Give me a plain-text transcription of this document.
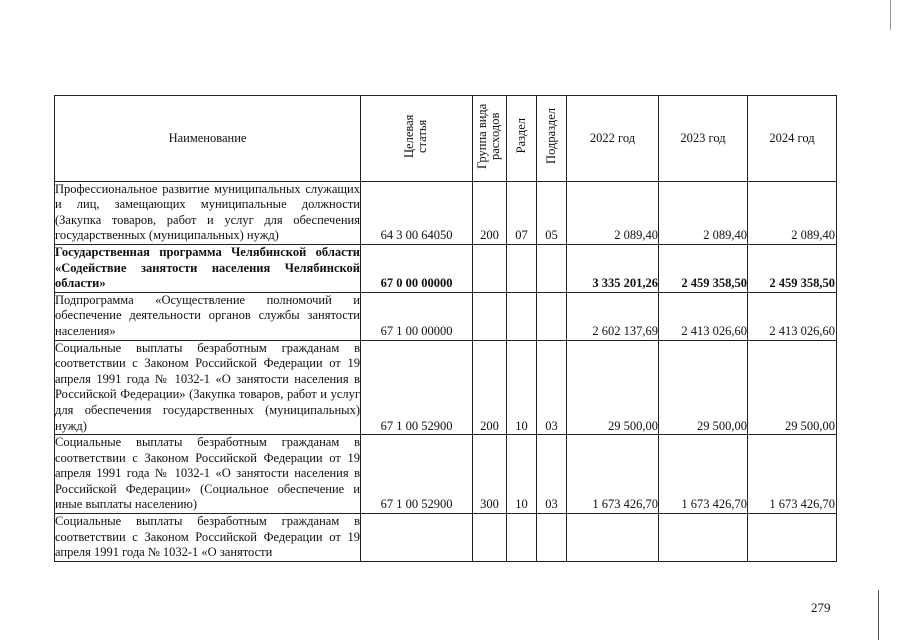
Наименование	Целевая статья	Группа вида расходов	Раздел	Подраздел	2022 год	2023 год	2024 год
Профессиональное развитие муниципальных служащих и лиц, замещающих муниципальные должности (Закупка товаров, работ и услуг для обеспечения государственных (муниципальных) нужд)	64 3 00 64050	200	07	05	2 089,40	2 089,40	2 089,40
Государственная программа Челябинской области «Содействие занятости населения Челябинской области»	67 0 00 00000				3 335 201,26	2 459 358,50	2 459 358,50
Подпрограмма «Осуществление полномочий и обеспечение деятельности органов службы занятости населения»	67 1 00 00000				2 602 137,69	2 413 026,60	2 413 026,60
Социальные выплаты безработным гражданам в соответствии с Законом Российской Федерации от 19 апреля 1991 года № 1032-1 «О занятости населения в Российской Федерации» (Закупка товаров, работ и услуг для обеспечения государственных (муниципальных) нужд)	67 1 00 52900	200	10	03	29 500,00	29 500,00	29 500,00
Социальные выплаты безработным гражданам в соответствии с Законом Российской Федерации от 19 апреля 1991 года № 1032-1 «О занятости населения в Российской Федерации» (Социальное обеспечение и иные выплаты населению)	67 1 00 52900	300	10	03	1 673 426,70	1 673 426,70	1 673 426,70
Социальные выплаты безработным гражданам в соответствии с Законом Российской Федерации от 19 апреля 1991 года № 1032-1 «О занятости							
279
